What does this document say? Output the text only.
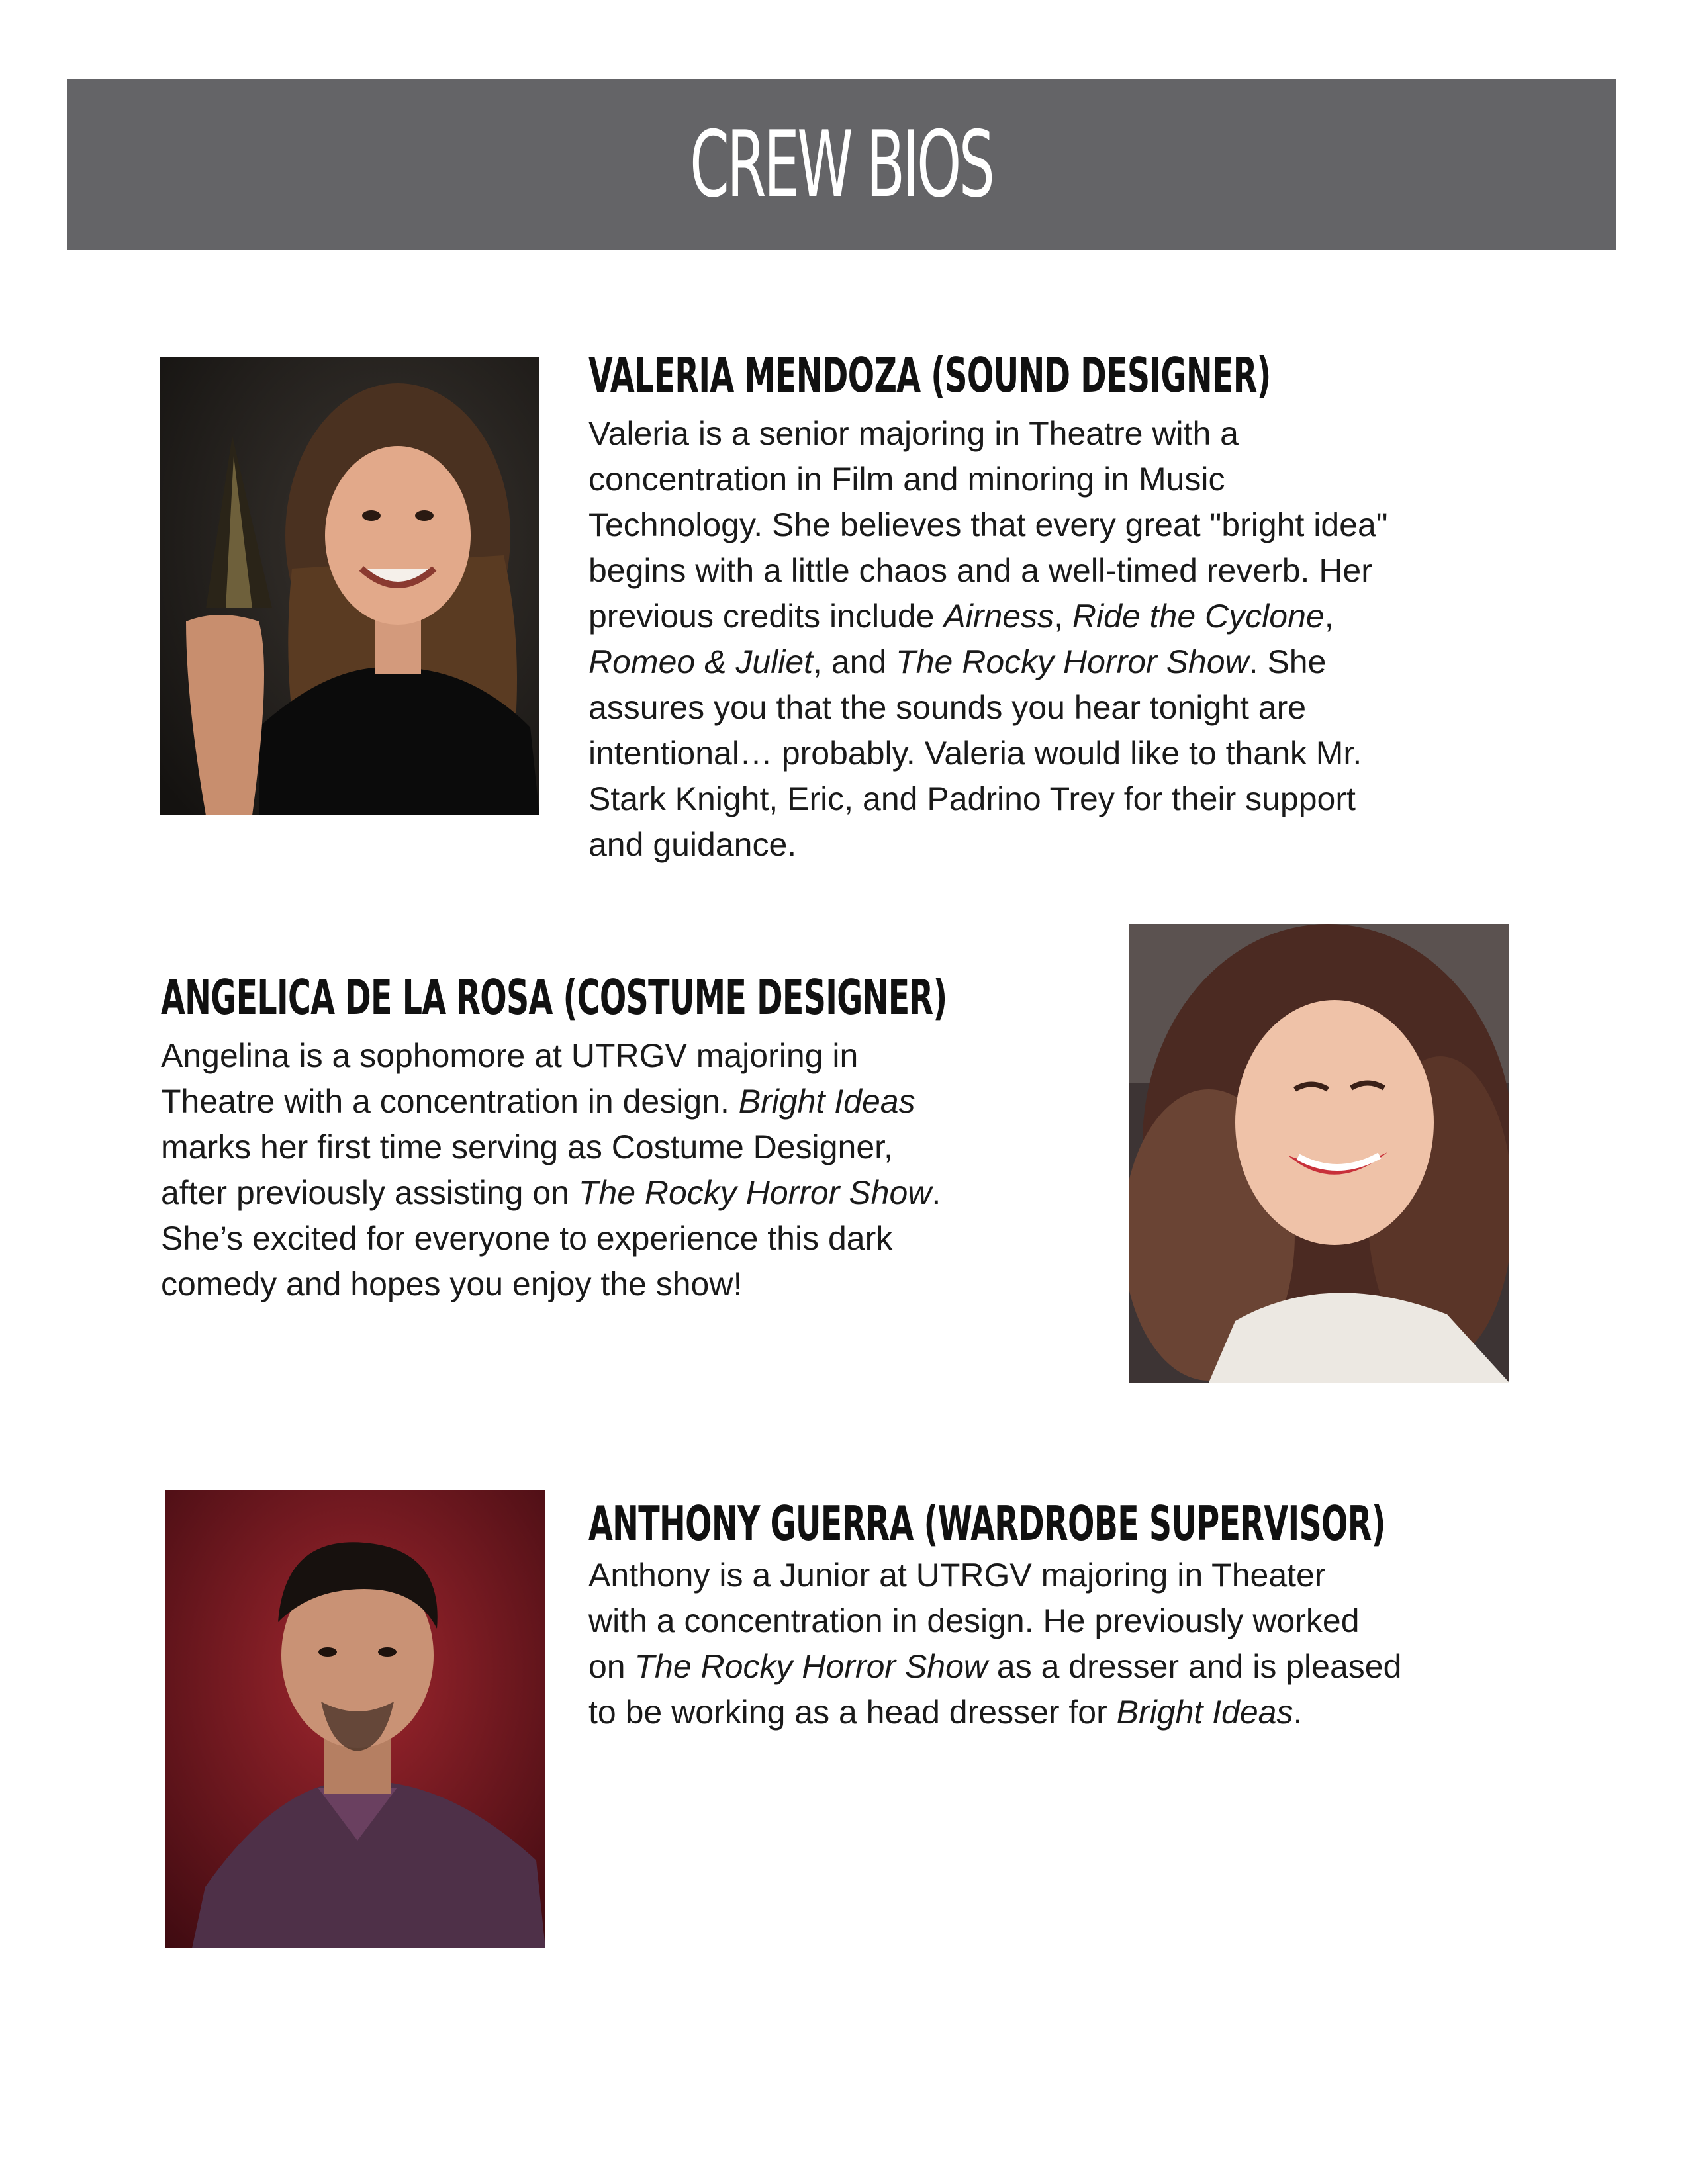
CREW BIOS
VALERIA MENDOZA (SOUND DESIGNER)
Valeria is a senior majoring in Theatre with a
concentration in Film and minoring in Music
Technology. She believes that every great "bright idea"
begins with a little chaos and a well-timed reverb. Her
previous credits include Airness, Ride the Cyclone,
Romeo & Juliet, and The Rocky Horror Show. She
assures you that the sounds you hear tonight are
intentional… probably. Valeria would like to thank Mr.
Stark Knight, Eric, and Padrino Trey for their support
and guidance.
ANGELICA DE LA ROSA (COSTUME DESIGNER)
Angelina is a sophomore at UTRGV majoring in
Theatre with a concentration in design. Bright Ideas
marks her first time serving as Costume Designer,
after previously assisting on The Rocky Horror Show.
She’s excited for everyone to experience this dark
comedy and hopes you enjoy the show!
ANTHONY GUERRA (WARDROBE SUPERVISOR)
Anthony is a Junior at UTRGV majoring in Theater
with a concentration in design. He previously worked
on The Rocky Horror Show as a dresser and is pleased
to be working as a head dresser for Bright Ideas.
